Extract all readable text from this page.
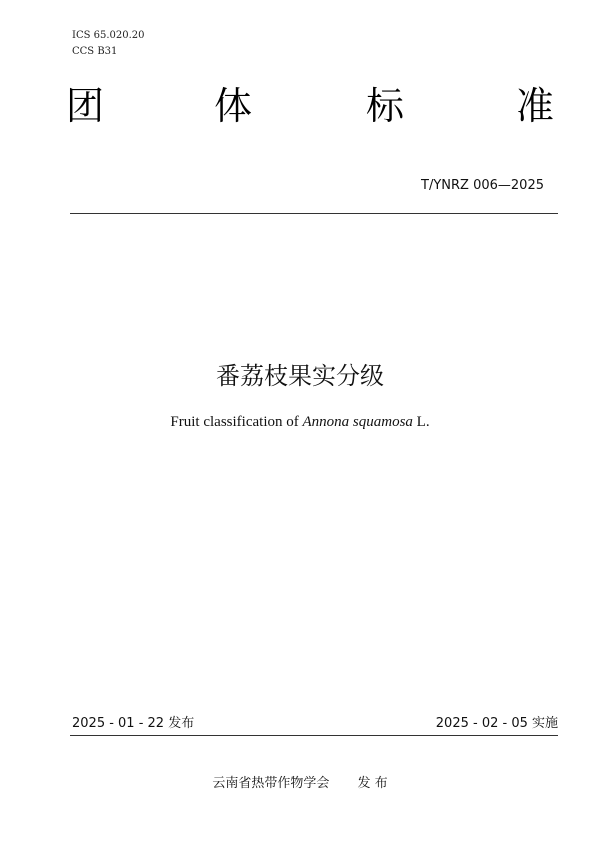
ICS 65.020.20
CCS B31
团	体	标	准
T/YNRZ 006—2025
番荔枝果实分级
Fruit classification of Annona squamosa L.
2025 - 01 - 22 发布	2025 - 02 - 05 实施
云南省热带作物学会 发 布
